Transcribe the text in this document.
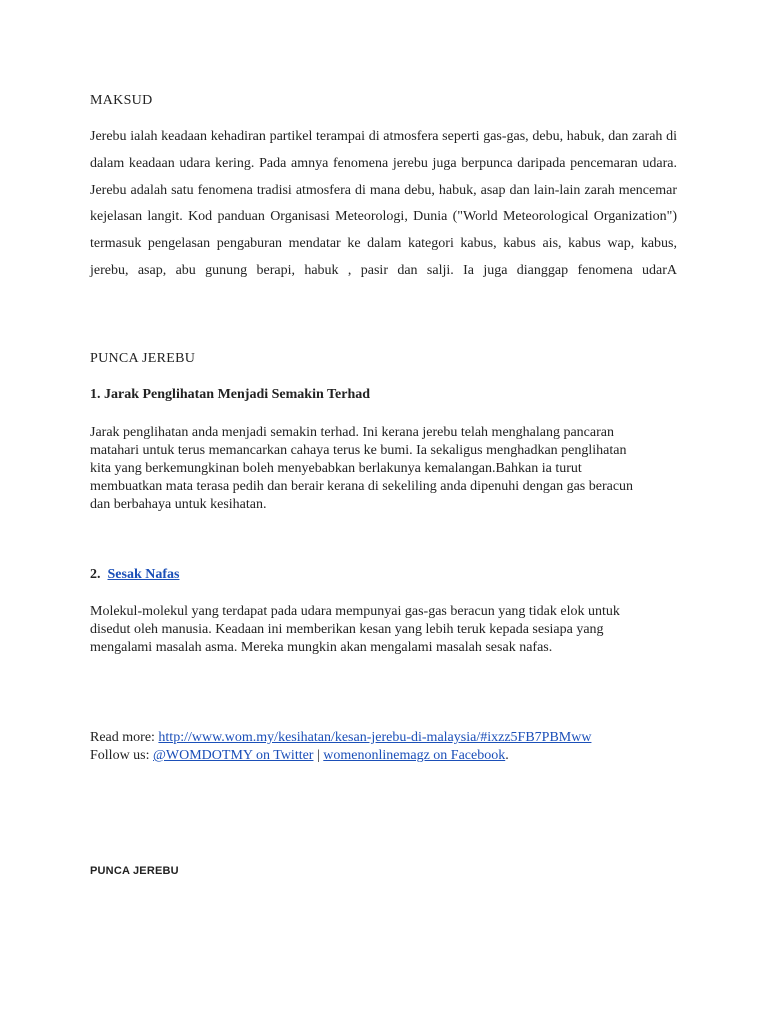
MAKSUD

Jerebu ialah keadaan kehadiran partikel terampai di atmosfera seperti gas-gas, debu, habuk, dan zarah di dalam keadaan udara kering. Pada amnya fenomena jerebu juga berpunca daripada pencemaran udara. Jerebu adalah satu fenomena tradisi atmosfera di mana debu, habuk, asap dan lain-lain zarah mencemar kejelasan langit. Kod panduan Organisasi Meteorologi, Dunia ("World Meteorological Organization") termasuk pengelasan pengaburan mendatar ke dalam kategori kabus, kabus ais, kabus wap, kabus, jerebu, asap, abu gunung berapi, habuk , pasir dan salji. Ia juga dianggap fenomena udarA

PUNCA JEREBU

1. Jarak Penglihatan Menjadi Semakin Terhad

Jarak penglihatan anda menjadi semakin terhad. Ini kerana jerebu telah menghalang pancaran
matahari untuk terus memancarkan cahaya terus ke bumi. Ia sekaligus menghadkan penglihatan
kita yang berkemungkinan boleh menyebabkan berlakunya kemalangan.Bahkan ia turut
membuatkan mata terasa pedih dan berair kerana di sekeliling anda dipenuhi dengan gas beracun
dan berbahaya untuk kesihatan.

2. Sesak Nafas

Molekul-molekul yang terdapat pada udara mempunyai gas-gas beracun yang tidak elok untuk
disedut oleh manusia. Keadaan ini memberikan kesan yang lebih teruk kepada sesiapa yang
mengalami masalah asma. Mereka mungkin akan mengalami masalah sesak nafas.
Read more: http://www.wom.my/kesihatan/kesan-jerebu-di-malaysia/#ixzz5FB7PBMww
Follow us: @WOMDOTMY on Twitter | womenonlinemagz on Facebook.

PUNCA JEREBU
